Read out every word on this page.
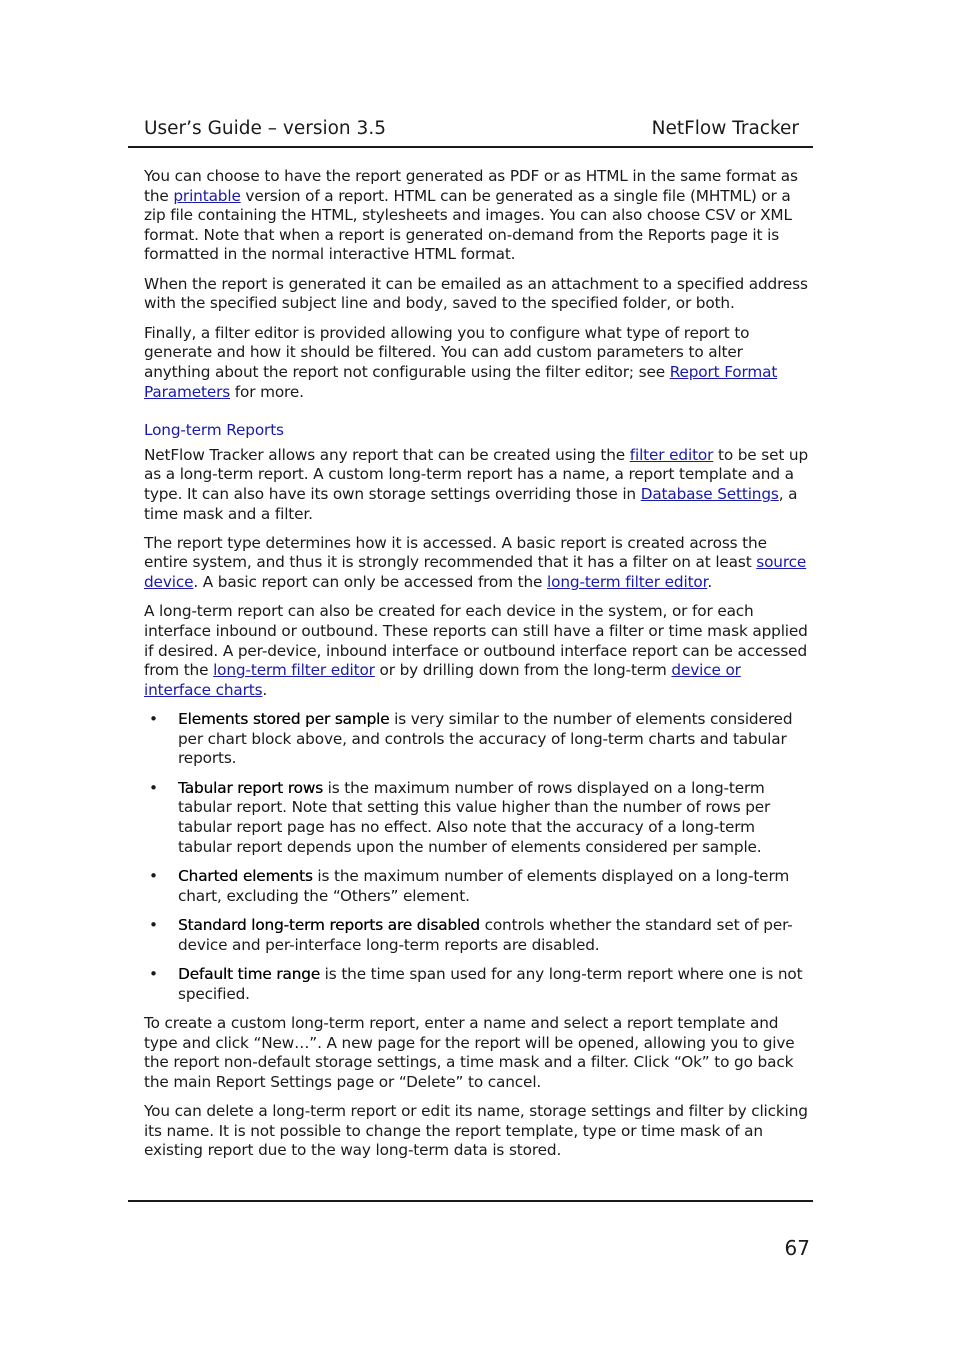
User’s Guide – version 3.5	NetFlow Tracker

You can choose to have the report generated as PDF or as HTML in the same format as the printable version of a report. HTML can be generated as a single file (MHTML) or a zip file containing the HTML, stylesheets and images. You can also choose CSV or XML format. Note that when a report is generated on-demand from the Reports page it is formatted in the normal interactive HTML format.

When the report is generated it can be emailed as an attachment to a specified address with the specified subject line and body, saved to the specified folder, or both.

Finally, a filter editor is provided allowing you to configure what type of report to generate and how it should be filtered. You can add custom parameters to alter anything about the report not configurable using the filter editor; see Report Format Parameters for more.

Long-term Reports

NetFlow Tracker allows any report that can be created using the filter editor to be set up as a long-term report. A custom long-term report has a name, a report template and a type. It can also have its own storage settings overriding those in Database Settings, a time mask and a filter.

The report type determines how it is accessed. A basic report is created across the entire system, and thus it is strongly recommended that it has a filter on at least source device. A basic report can only be accessed from the long-term filter editor.

A long-term report can also be created for each device in the system, or for each interface inbound or outbound. These reports can still have a filter or time mask applied if desired. A per-device, inbound interface or outbound interface report can be accessed from the long-term filter editor or by drilling down from the long-term device or interface charts.

• Elements stored per sample is very similar to the number of elements considered per chart block above, and controls the accuracy of long-term charts and tabular reports.
• Tabular report rows is the maximum number of rows displayed on a long-term tabular report. Note that setting this value higher than the number of rows per tabular report page has no effect. Also note that the accuracy of a long-term tabular report depends upon the number of elements considered per sample.
• Charted elements is the maximum number of elements displayed on a long-term chart, excluding the “Others” element.
• Standard long-term reports are disabled controls whether the standard set of per-device and per-interface long-term reports are disabled.
• Default time range is the time span used for any long-term report where one is not specified.

To create a custom long-term report, enter a name and select a report template and type and click “New…”. A new page for the report will be opened, allowing you to give the report non-default storage settings, a time mask and a filter. Click “Ok” to go back the main Report Settings page or “Delete” to cancel.

You can delete a long-term report or edit its name, storage settings and filter by clicking its name. It is not possible to change the report template, type or time mask of an existing report due to the way long-term data is stored.

67
